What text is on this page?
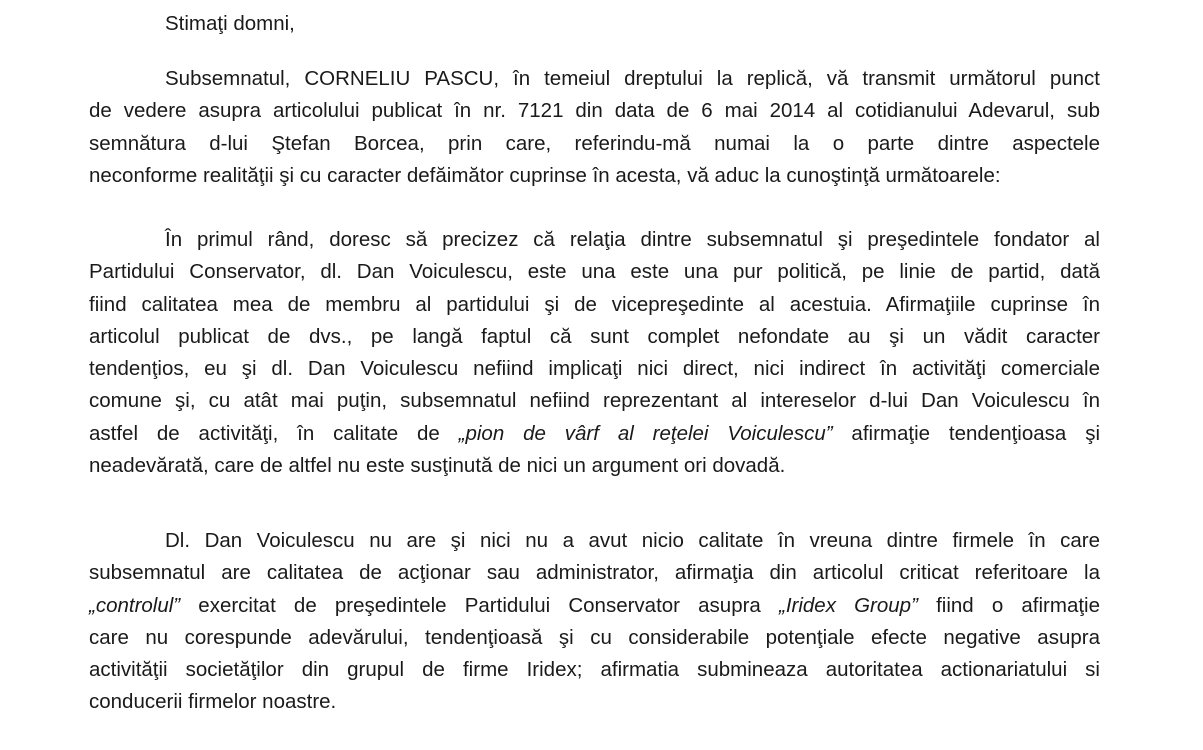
Stimaţi domni,

Subsemnatul, CORNELIU PASCU, în temeiul dreptului la replică, vă transmit următorul punct
de vedere asupra articolului publicat în nr. 7121 din data de 6 mai 2014 al cotidianului Adevarul, sub
semnătura d-lui Ştefan Borcea, prin care, referindu-mă numai la o parte dintre aspectele
neconforme realităţii şi cu caracter defăimător cuprinse în acesta, vă aduc la cunoştinţă următoarele:
În primul rând, doresc să precizez că relaţia dintre subsemnatul şi preşedintele fondator al
Partidului Conservator, dl. Dan Voiculescu, este una este una pur politică, pe linie de partid, dată
fiind calitatea mea de membru al partidului şi de vicepreşedinte al acestuia. Afirmaţiile cuprinse în
articolul publicat de dvs., pe langă faptul că sunt complet nefondate au şi un vădit caracter
tendenţios, eu şi dl. Dan Voiculescu nefiind implicaţi nici direct, nici indirect în activităţi comerciale
comune şi, cu atât mai puţin, subsemnatul nefiind reprezentant al intereselor d-lui Dan Voiculescu în
astfel de activităţi, în calitate de „pion de vârf al reţelei Voiculescu” afirmaţie tendenţioasa şi
neadevărată, care de altfel nu este susţinută de nici un argument ori dovadă.
Dl. Dan Voiculescu nu are şi nici nu a avut nicio calitate în vreuna dintre firmele în care
subsemnatul are calitatea de acţionar sau administrator, afirmaţia din articolul criticat referitoare la
„controlul” exercitat de preşedintele Partidului Conservator asupra „Iridex Group” fiind o afirmaţie
care nu corespunde adevărului, tendenţioasă şi cu considerabile potenţiale efecte negative asupra
activităţii societăţilor din grupul de firme Iridex; afirmatia submineaza autoritatea actionariatului si
conducerii firmelor noastre.
